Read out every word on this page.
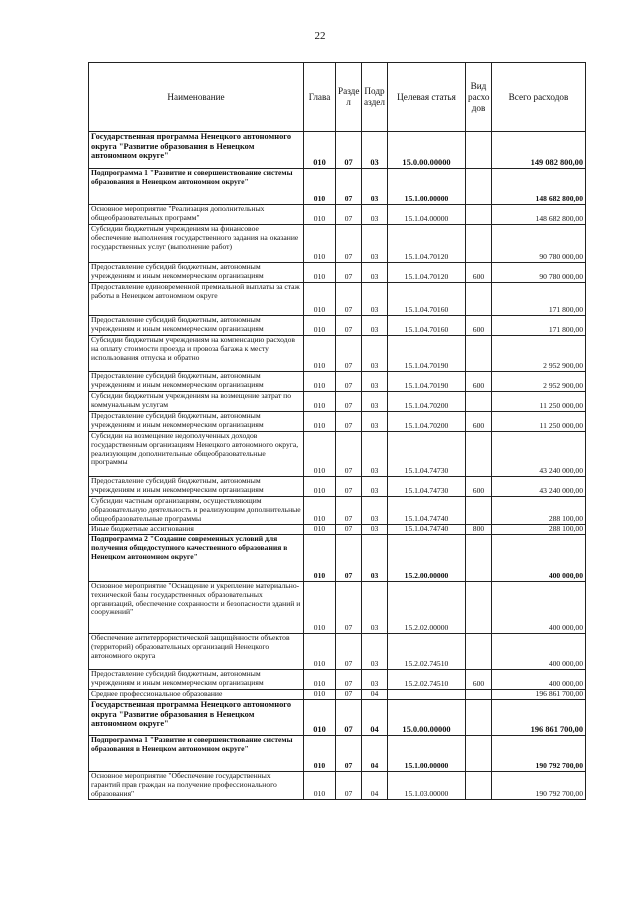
22
Наименование	Глава	Разде л	Подр аздел	Целевая статья	Вид расхо дов	Всего расходов
Государственная программа Ненецкого автономного округа "Развитие образования в Ненецком автономном округе"	010	07	03	15.0.00.00000		149 082 800,00
Подпрограмма 1 "Развитие и совершенствование системы образования в Ненецком автономном округе"	010	07	03	15.1.00.00000		148 682 800,00
Основное мероприятие "Реализация дополнительных общеобразовательных программ"	010	07	03	15.1.04.00000		148 682 800,00
Субсидии бюджетным учреждениям на финансовое обеспечение выполнения государственного задания на оказание государственных услуг (выполнение работ)	010	07	03	15.1.04.70120		90 780 000,00
Предоставление субсидий бюджетным, автономным учреждениям и иным некоммерческим организациям	010	07	03	15.1.04.70120	600	90 780 000,00
Предоставление единовременной премиальной выплаты за стаж работы в Ненецком автономном округе	010	07	03	15.1.04.70160		171 800,00
Предоставление субсидий бюджетным, автономным учреждениям и иным некоммерческим организациям	010	07	03	15.1.04.70160	600	171 800,00
Субсидии бюджетным учреждениям на компенсацию расходов на оплату стоимости проезда и провоза багажа к месту использования отпуска и обратно	010	07	03	15.1.04.70190		2 952 900,00
Предоставление субсидий бюджетным, автономным учреждениям и иным некоммерческим организациям	010	07	03	15.1.04.70190	600	2 952 900,00
Субсидии бюджетным учреждениям на возмещение затрат по коммунальным услугам	010	07	03	15.1.04.70200		11 250 000,00
Предоставление субсидий бюджетным, автономным учреждениям и иным некоммерческим организациям	010	07	03	15.1.04.70200	600	11 250 000,00
Субсидии на возмещение недополученных доходов государственным организациям Ненецкого автономного округа, реализующим дополнительные общеобразовательные программы	010	07	03	15.1.04.74730		43 240 000,00
Предоставление субсидий бюджетным, автономным учреждениям и иным некоммерческим организациям	010	07	03	15.1.04.74730	600	43 240 000,00
Субсидии частным организациям, осуществляющим образовательную деятельность и реализующим дополнительные общеобразовательные программы	010	07	03	15.1.04.74740		288 100,00
Иные бюджетные ассигнования	010	07	03	15.1.04.74740	800	288 100,00
Подпрограмма 2 "Создание современных условий для получения общедоступного качественного образования в Ненецком автономном округе"	010	07	03	15.2.00.00000		400 000,00
Основное мероприятие "Оснащение и укрепление материально-технической базы государственных образовательных организаций, обеспечение сохранности и безопасности зданий и сооружений"	010	07	03	15.2.02.00000		400 000,00
Обеспечение антитеррористической защищённости объектов (территорий) образовательных организаций Ненецкого автономного округа	010	07	03	15.2.02.74510		400 000,00
Предоставление субсидий бюджетным, автономным учреждениям и иным некоммерческим организациям	010	07	03	15.2.02.74510	600	400 000,00
Среднее профессиональное образование	010	07	04			196 861 700,00
Государственная программа Ненецкого автономного округа "Развитие образования в Ненецком автономном округе"	010	07	04	15.0.00.00000		196 861 700,00
Подпрограмма 1 "Развитие и совершенствование системы образования в Ненецком автономном округе"	010	07	04	15.1.00.00000		190 792 700,00
Основное мероприятие "Обеспечение государственных гарантий прав граждан на получение профессионального образования"	010	07	04	15.1.03.00000		190 792 700,00
